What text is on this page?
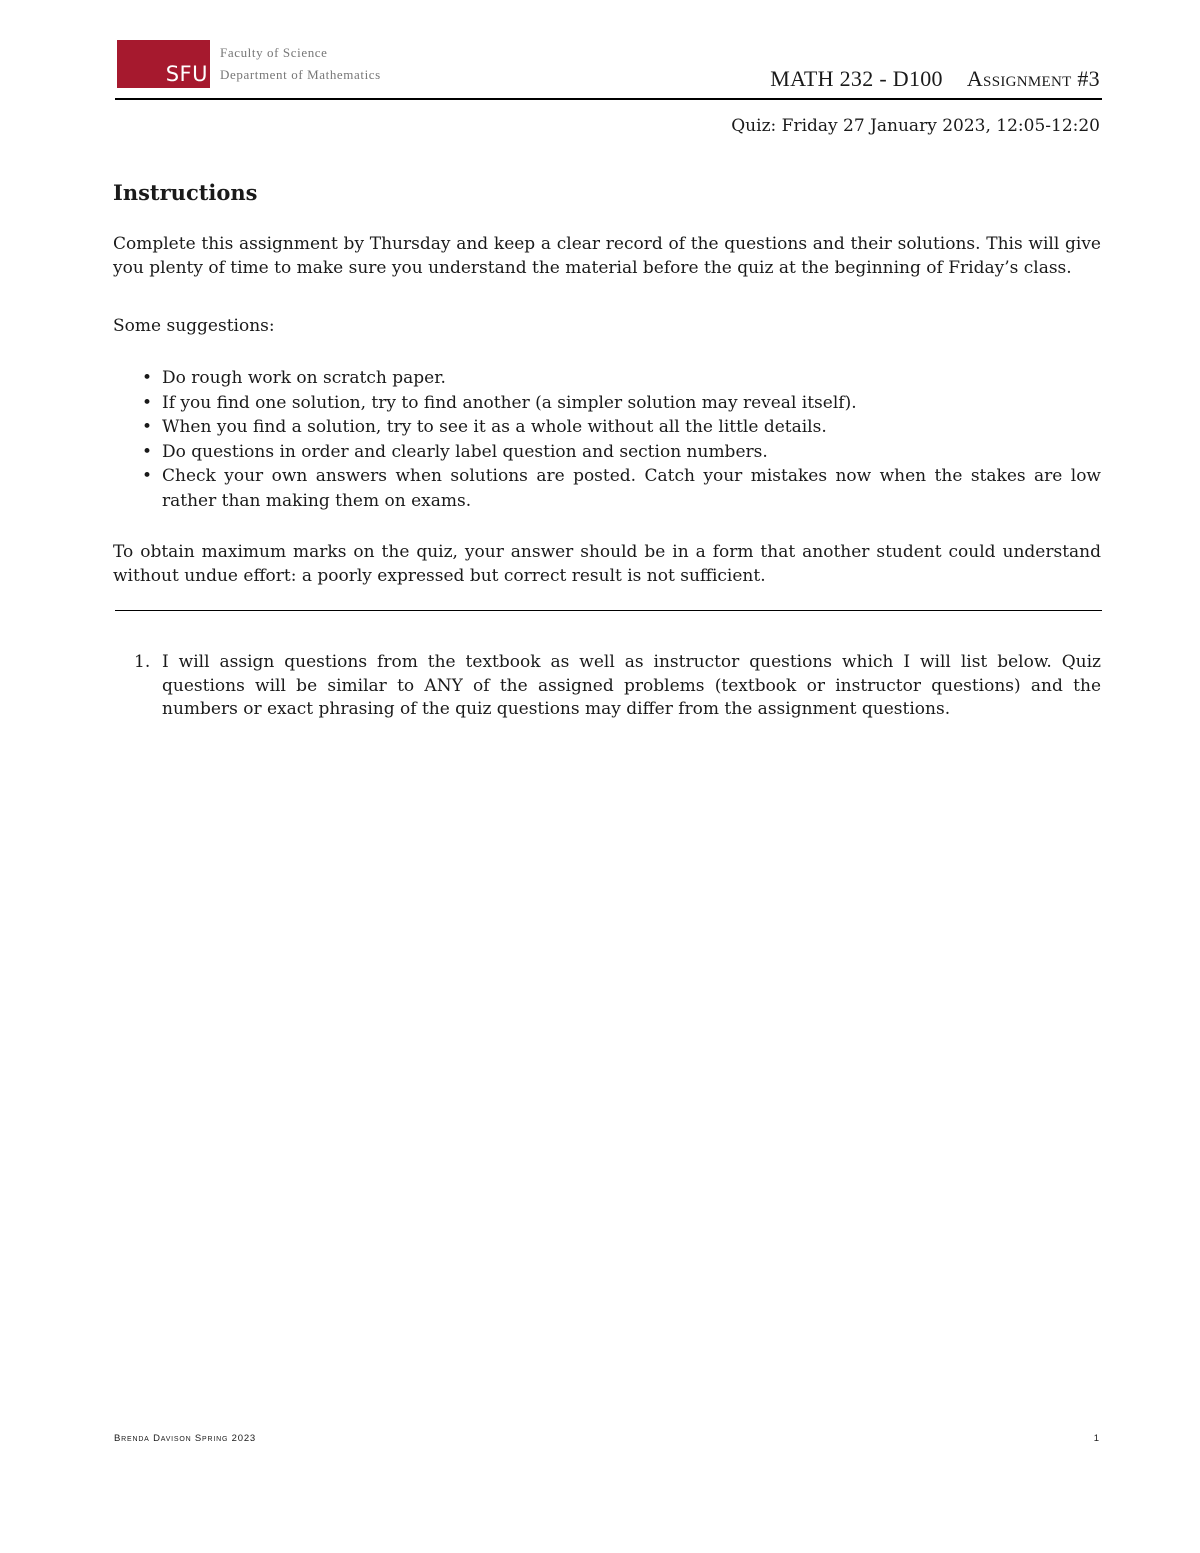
SFU
Faculty of Science
Department of Mathematics	MATH 232 - D100 Assignment #3
Quiz: Friday 27 January 2023, 12:05-12:20
Instructions

Complete this assignment by Thursday and keep a clear record of the questions and their solutions. This will give you plenty of time to make sure you understand the material before the quiz at the beginning of Friday’s class.

Some suggestions:

• Do rough work on scratch paper.
• If you find one solution, try to find another (a simpler solution may reveal itself).
• When you find a solution, try to see it as a whole without all the little details.
• Do questions in order and clearly label question and section numbers.
• Check your own answers when solutions are posted. Catch your mistakes now when the stakes are low rather than making them on exams.

To obtain maximum marks on the quiz, your answer should be in a form that another student could understand without undue effort: a poorly expressed but correct result is not sufficient.

1. I will assign questions from the textbook as well as instructor questions which I will list below. Quiz questions will be similar to ANY of the assigned problems (textbook or instructor questions) and the numbers or exact phrasing of the quiz questions may differ from the assignment questions.
Brenda Davison Spring 2023	1
